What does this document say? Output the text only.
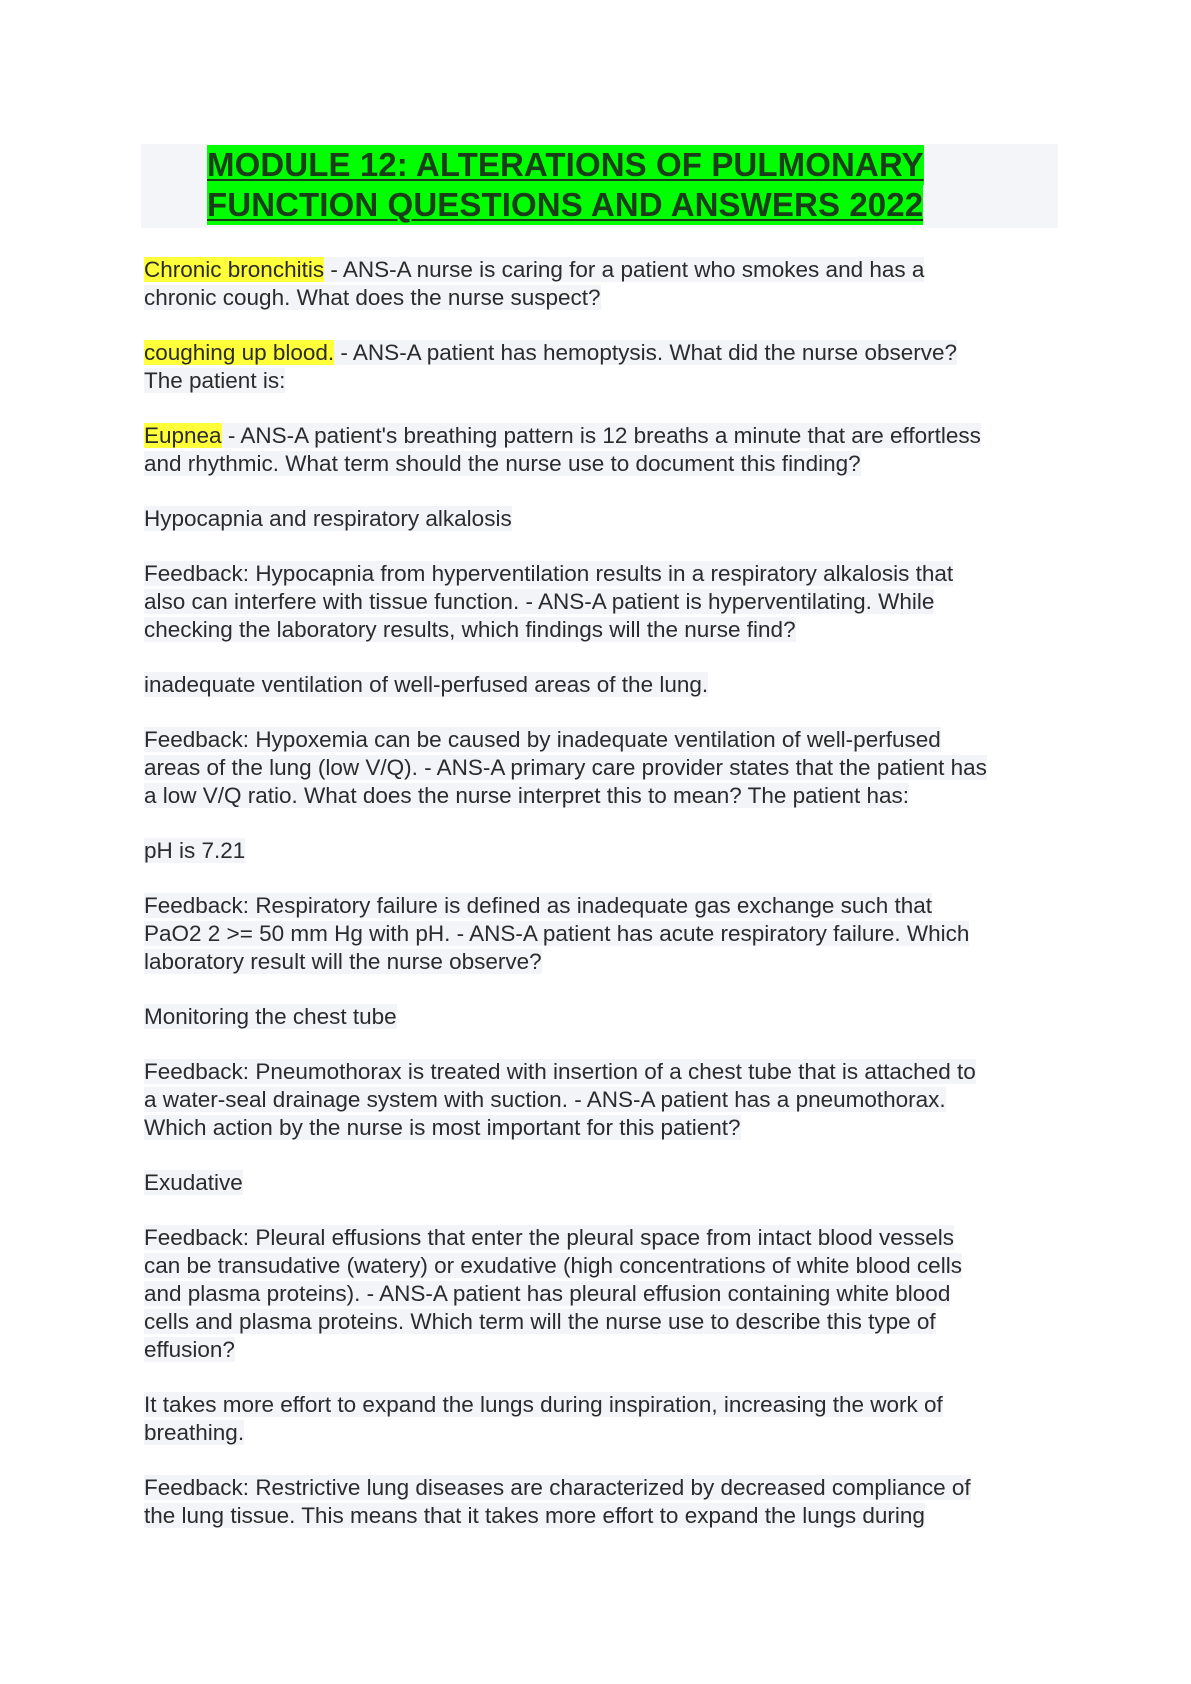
MODULE 12: ALTERATIONS OF PULMONARY
FUNCTION QUESTIONS AND ANSWERS 2022
Chronic bronchitis - ANS-A nurse is caring for a patient who smokes and has a
chronic cough. What does the nurse suspect?
coughing up blood. - ANS-A patient has hemoptysis. What did the nurse observe?
The patient is:
Eupnea - ANS-A patient's breathing pattern is 12 breaths a minute that are effortless
and rhythmic. What term should the nurse use to document this finding?
Hypocapnia and respiratory alkalosis
Feedback: Hypocapnia from hyperventilation results in a respiratory alkalosis that
also can interfere with tissue function. - ANS-A patient is hyperventilating. While
checking the laboratory results, which findings will the nurse find?
inadequate ventilation of well-perfused areas of the lung.
Feedback: Hypoxemia can be caused by inadequate ventilation of well-perfused
areas of the lung (low V/Q). - ANS-A primary care provider states that the patient has
a low V/Q ratio. What does the nurse interpret this to mean? The patient has:
pH is 7.21
Feedback: Respiratory failure is defined as inadequate gas exchange such that
PaO2 2 >= 50 mm Hg with pH. - ANS-A patient has acute respiratory failure. Which
laboratory result will the nurse observe?
Monitoring the chest tube
Feedback: Pneumothorax is treated with insertion of a chest tube that is attached to
a water-seal drainage system with suction. - ANS-A patient has a pneumothorax.
Which action by the nurse is most important for this patient?
Exudative
Feedback: Pleural effusions that enter the pleural space from intact blood vessels
can be transudative (watery) or exudative (high concentrations of white blood cells
and plasma proteins). - ANS-A patient has pleural effusion containing white blood
cells and plasma proteins. Which term will the nurse use to describe this type of
effusion?
It takes more effort to expand the lungs during inspiration, increasing the work of
breathing.
Feedback: Restrictive lung diseases are characterized by decreased compliance of
the lung tissue. This means that it takes more effort to expand the lungs during
